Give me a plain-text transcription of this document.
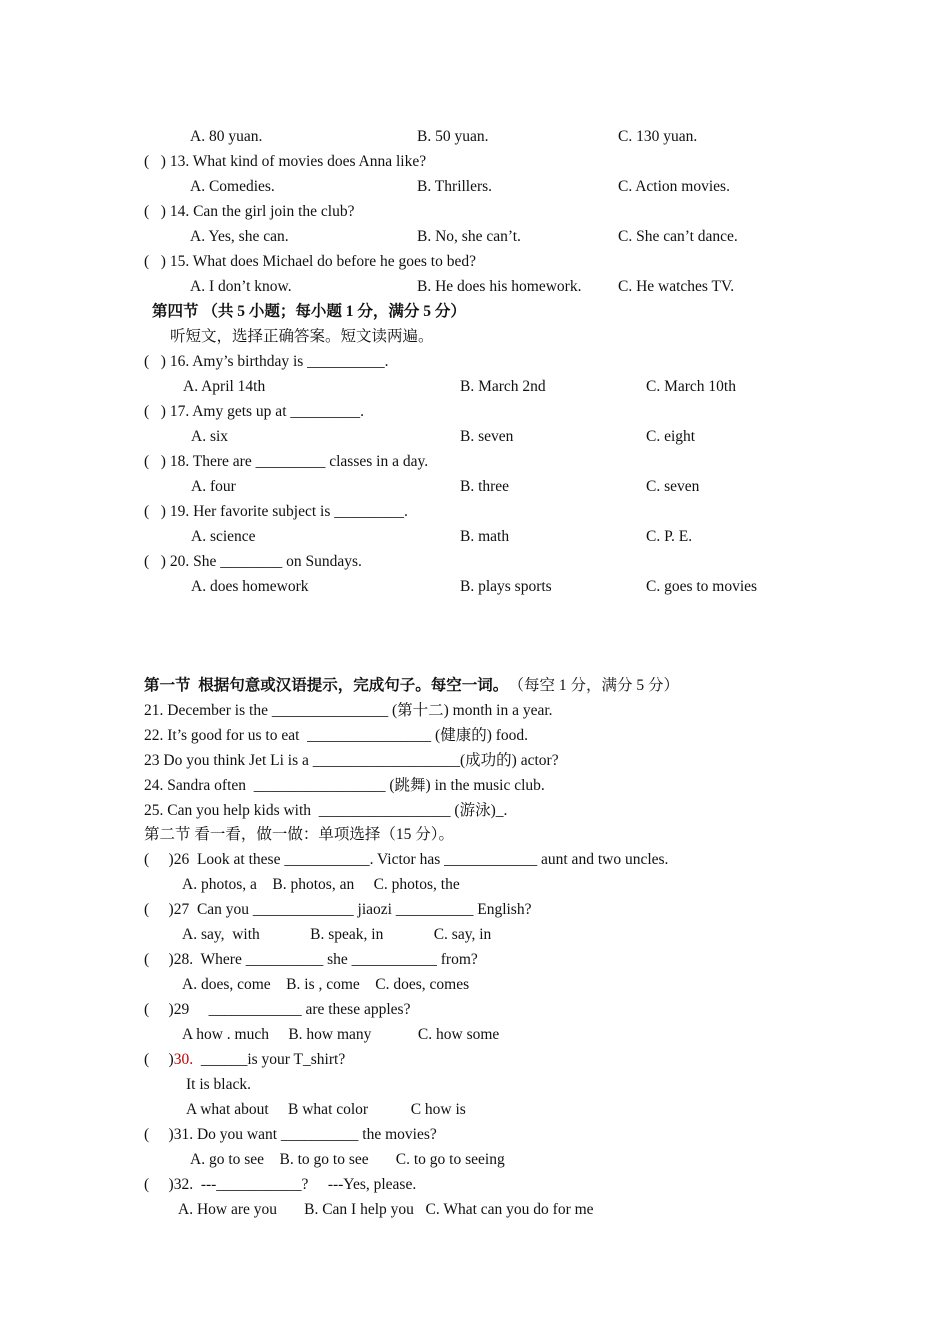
A. 80 yuan.	B. 50 yuan.	C. 130 yuan.
(   ) 13. What kind of movies does Anna like?
A. Comedies.	B. Thrillers.	C. Action movies.
(   ) 14. Can the girl join the club?
A. Yes, she can.	B. No, she can’t.	C. She can’t dance.
(   ) 15. What does Michael do before he goes to bed?
A. I don’t know.	B. He does his homework. C. He watches TV.
第四节 （共 5 小题；每小题 1 分，满分 5 分）
听短文，选择正确答案。短文读两遍。
(   ) 16. Amy’s birthday is __________.
A. April 14th	B. March 2nd	C. March 10th
(   ) 17. Amy gets up at _________.
A. six	B. seven	C. eight
(   ) 18. There are _________ classes in a day.
A. four	B. three	C. seven
(   ) 19. Her favorite subject is _________.
A. science	B. math	C. P. E.
(   ) 20. She ________ on Sundays.
A. does homework	B. plays sports	C. goes to movies
第一节  根据句意或汉语提示，完成句子。每空一词。 （每空 1 分，满分 5 分）
21. December is the _______________ (第十二) month in a year.
22. It’s good for us to eat  ________________ (健康的) food.
23 Do you think Jet Li is a ___________________(成功的) actor?
24. Sandra often  _________________ (跳舞) in the music club.
25. Can you help kids with  _________________ (游泳)_.
第二节 看一看，做一做：单项选择（15 分）。
(     )26  Look at these ___________. Victor has ____________ aunt and two uncles.
A. photos, a    B. photos, an     C. photos, the
(     )27  Can you _____________ jiaozi __________ English?
A. say,  with             B. speak, in             C. say, in
(     )28.  Where __________ she ___________ from?
A. does, come    B. is , come    C. does, comes
(     )29     ____________ are these apples?
A how . much     B. how many            C. how some
(     )30.  ______is your T_shirt?
It is black.
A what about     B what color           C how is
(     )31. Do you want __________ the movies?
A. go to see    B. to go to see       C. to go to seeing
(     )32.  ---___________?     ---Yes, please.
A. How are you       B. Can I help you   C. What can you do for me
